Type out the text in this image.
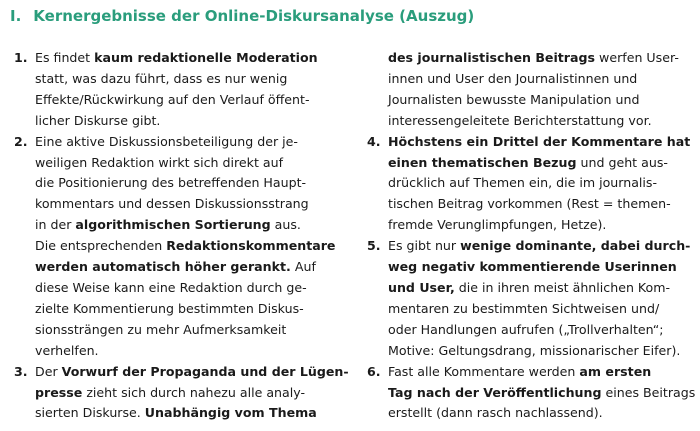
I. Kernergebnisse der Online-Diskursanalyse (Auszug)
1. Es findet kaum redaktionelle Moderation
statt, was dazu führt, dass es nur wenig
Effekte/Rückwirkung auf den Verlauf öffent-
licher Diskurse gibt.
2. Eine aktive Diskussionsbeteiligung der je-
weiligen Redaktion wirkt sich direkt auf
die Positionierung des betreffenden Haupt-
kommentars und dessen Diskussionsstrang
in der algorithmischen Sortierung aus.
Die entsprechenden Redaktionskommentare
werden automatisch höher gerankt. Auf
diese Weise kann eine Redaktion durch ge-
zielte Kommentierung bestimmten Diskus-
sionssträngen zu mehr Aufmerksamkeit
verhelfen.
3. Der Vorwurf der Propaganda und der Lügen-
presse zieht sich durch nahezu alle analy-
sierten Diskurse. Unabhängig vom Thema
des journalistischen Beitrags werfen User-
innen und User den Journalistinnen und
Journalisten bewusste Manipulation und
interessengeleitete Berichterstattung vor.
4. Höchstens ein Drittel der Kommentare hat
einen thematischen Bezug und geht aus-
drücklich auf Themen ein, die im journalis-
tischen Beitrag vorkommen (Rest = themen-
fremde Verunglimpfungen, Hetze).
5. Es gibt nur wenige dominante, dabei durch-
weg negativ kommentierende Userinnen
und User, die in ihren meist ähnlichen Kom-
mentaren zu bestimmten Sichtweisen und/
oder Handlungen aufrufen („Trollverhalten“;
Motive: Geltungsdrang, missionarischer Eifer).
6. Fast alle Kommentare werden am ersten
Tag nach der Veröffentlichung eines Beitrags
erstellt (dann rasch nachlassend).
